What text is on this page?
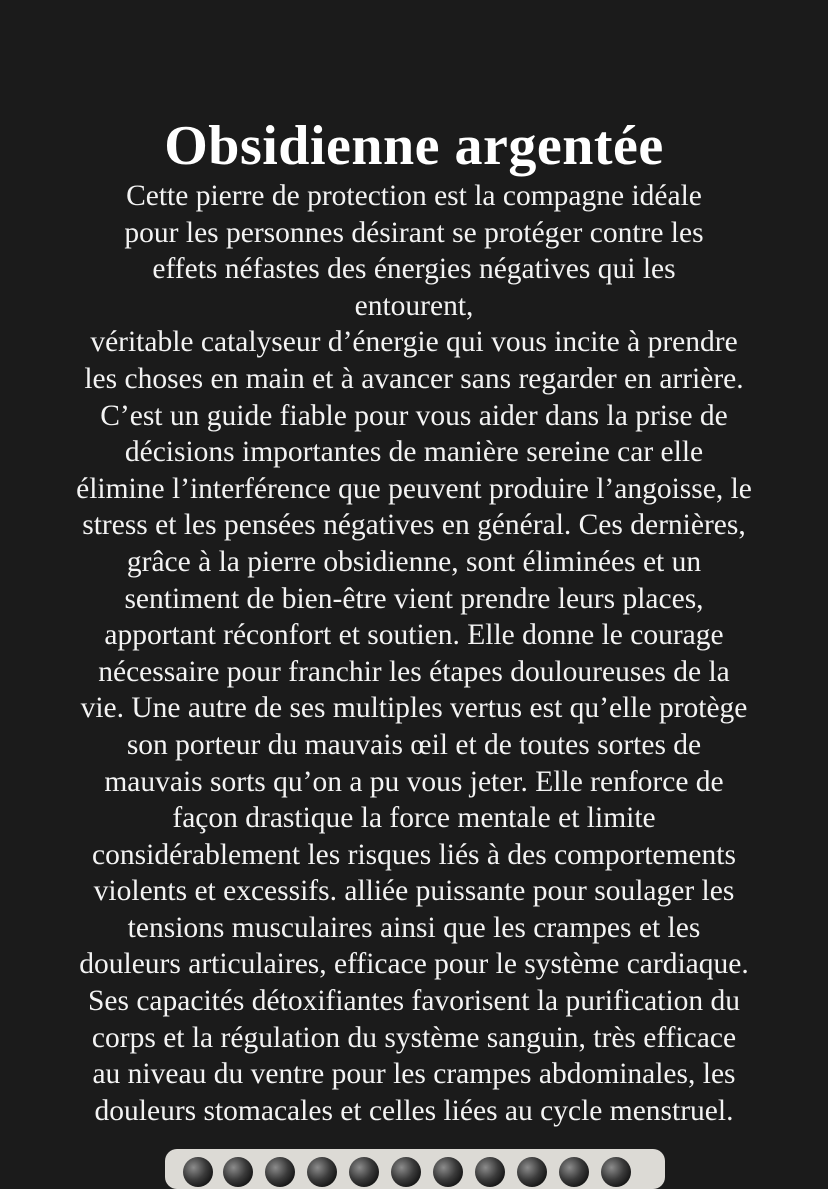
Obsidienne argentée
Cette pierre de protection est la compagne idéale
pour les personnes désirant se protéger contre les
effets néfastes des énergies négatives qui les
entourent,
véritable catalyseur d’énergie qui vous incite à prendre
les choses en main et à avancer sans regarder en arrière.
C’est un guide fiable pour vous aider dans la prise de
décisions importantes de manière sereine car elle
élimine l’interférence que peuvent produire l’angoisse, le
stress et les pensées négatives en général. Ces dernières,
grâce à la pierre obsidienne, sont éliminées et un
sentiment de bien-être vient prendre leurs places,
apportant réconfort et soutien. Elle donne le courage
nécessaire pour franchir les étapes douloureuses de la
vie. Une autre de ses multiples vertus est qu’elle protège
son porteur du mauvais œil et de toutes sortes de
mauvais sorts qu’on a pu vous jeter. Elle renforce de
façon drastique la force mentale et limite
considérablement les risques liés à des comportements
violents et excessifs. alliée puissante pour soulager les
tensions musculaires ainsi que les crampes et les
douleurs articulaires, efficace pour le système cardiaque.
Ses capacités détoxifiantes favorisent la purification du
corps et la régulation du système sanguin, très efficace
au niveau du ventre pour les crampes abdominales, les
douleurs stomacales et celles liées au cycle menstruel.
